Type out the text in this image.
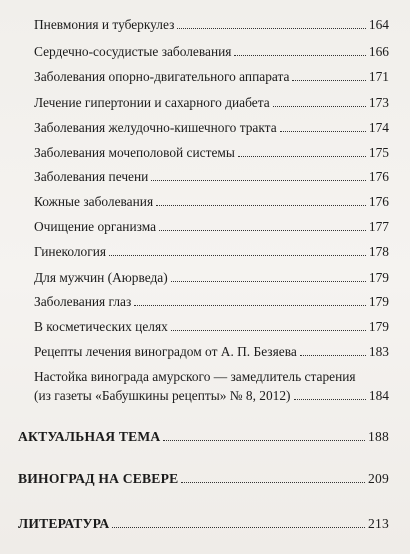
Пневмония и туберкулез	164
Сердечно-сосудистые заболевания	166
Заболевания опорно-двигательного аппарата	171
Лечение гипертонии и сахарного диабета	173
Заболевания желудочно-кишечного тракта	174
Заболевания мочеполовой системы	175
Заболевания печени	176
Кожные заболевания	176
Очищение организма	177
Гинекология	178
Для мужчин (Аюрведа)	179
Заболевания глаз	179
В косметических целях	179
Рецепты лечения виноградом от А. П. Безяева	183
Настойка винограда амурского — замедлитель старения
(из газеты «Бабушкины рецепты» № 8, 2012)	184
АКТУАЛЬНАЯ ТЕМА	188
ВИНОГРАД НА СЕВЕРЕ	209
ЛИТЕРАТУРА	213
